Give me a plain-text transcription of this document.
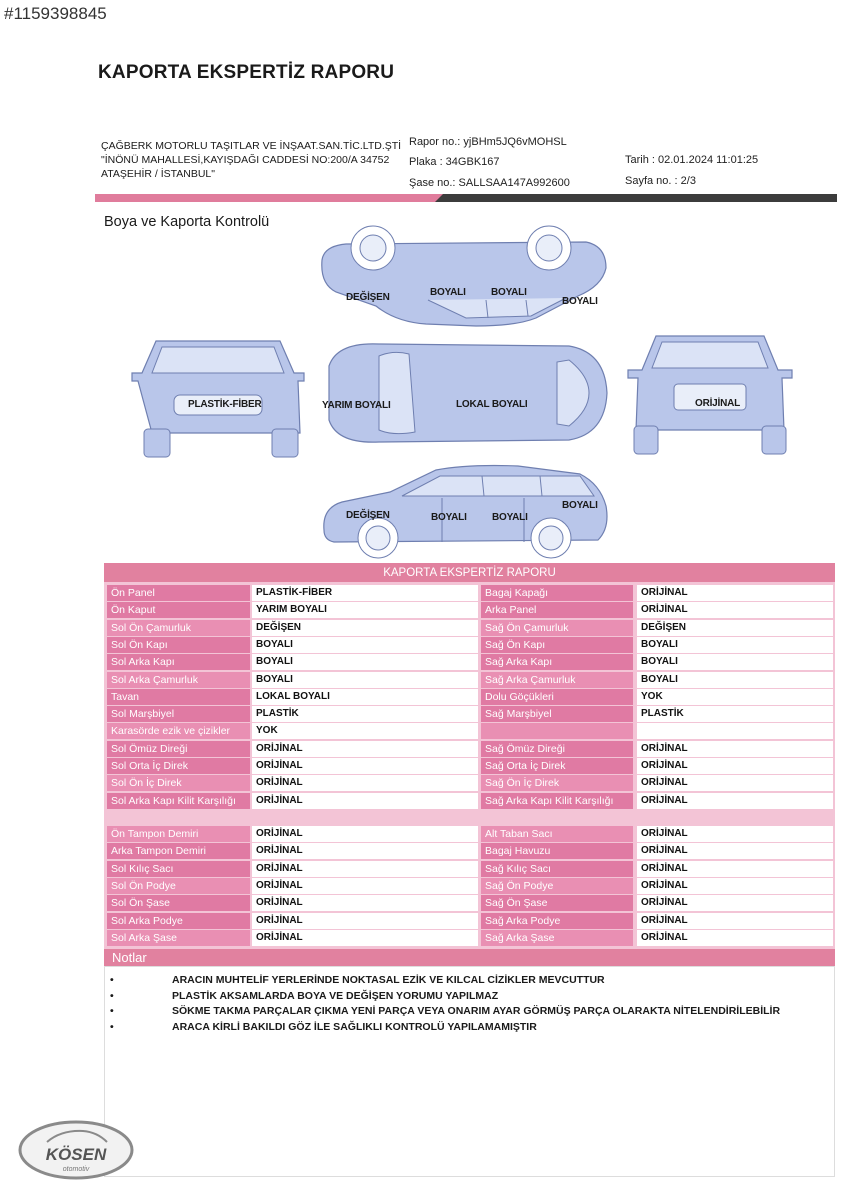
#1159398845
KAPORTA EKSPERTİZ RAPORU
ÇAĞBERK MOTORLU TAŞITLAR VE İNŞAAT.SAN.TİC.LTD.ŞTİ
"İNÖNÜ MAHALLESİ,KAYIŞDAĞI CADDESİ NO:200/A 34752
ATAŞEHİR / İSTANBUL"
Rapor no.: yjBHm5JQ6vMOHSL
Plaka : 34GBK167
Şase no.: SALLSAA147A992600
Tarih : 02.01.2024 11:01:25
Sayfa no. : 2/3
Boya ve Kaporta Kontrolü
DEĞİŞEN	BOYALI	BOYALI
BOYALI
PLASTİK-FİBER	YARIM BOYALI	LOKAL BOYALI	ORİJİNAL
DEĞİŞEN	BOYALI	BOYALI
BOYALI
KAPORTA EKSPERTİZ RAPORU
Ön Panel	PLASTİK-FİBER	Bagaj Kapağı	ORİJİNAL
Ön Kaput	YARIM BOYALI	Arka Panel	ORİJİNAL
Sol Ön Çamurluk	DEĞİŞEN	Sağ Ön Çamurluk	DEĞİŞEN
Sol Ön Kapı	BOYALI	Sağ Ön Kapı	BOYALI
Sol Arka Kapı	BOYALI	Sağ Arka Kapı	BOYALI
Sol Arka Çamurluk	BOYALI	Sağ Arka Çamurluk	BOYALI
Tavan	LOKAL BOYALI	Dolu Göçükleri	YOK
Sol Marşbiyel	PLASTİK	Sağ Marşbiyel	PLASTİK
Karasörde ezik ve çizikler	YOK
Sol Ömüz Direği	ORİJİNAL	Sağ Ömüz Direği	ORİJİNAL
Sol Orta İç Direk	ORİJİNAL	Sağ Orta İç Direk	ORİJİNAL
Sol Ön İç Direk	ORİJİNAL	Sağ Ön İç Direk	ORİJİNAL
Sol Arka Kapı Kilit Karşılığı	ORİJİNAL	Sağ Arka Kapı Kilit Karşılığı	ORİJİNAL
Ön Tampon Demiri	ORİJİNAL	Alt Taban Sacı	ORİJİNAL
Arka Tampon Demiri	ORİJİNAL	Bagaj Havuzu	ORİJİNAL
Sol Kılıç Sacı	ORİJİNAL	Sağ Kılıç Sacı	ORİJİNAL
Sol Ön Podye	ORİJİNAL	Sağ Ön Podye	ORİJİNAL
Sol Ön Şase	ORİJİNAL	Sağ Ön Şase	ORİJİNAL
Sol Arka Podye	ORİJİNAL	Sağ Arka Podye	ORİJİNAL
Sol Arka Şase	ORİJİNAL	Sağ Arka Şase	ORİJİNAL
Notlar
•	ARACIN MUHTELİF YERLERİNDE NOKTASAL EZİK VE KILCAL CİZİKLER MEVCUTTUR
•	PLASTİK AKSAMLARDA BOYA VE DEĞİŞEN YORUMU YAPILMAZ
•	SÖKME TAKMA PARÇALAR ÇIKMA YENİ PARÇA VEYA ONARIM AYAR GÖRMÜŞ PARÇA OLARAKTA NİTELENDİRİLEBİLİR
•	ARACA KİRLİ BAKILDI GÖZ İLE SAĞLIKLI KONTROLÜ YAPILAMAMIŞTIR
KÖSEN
otomotiv
